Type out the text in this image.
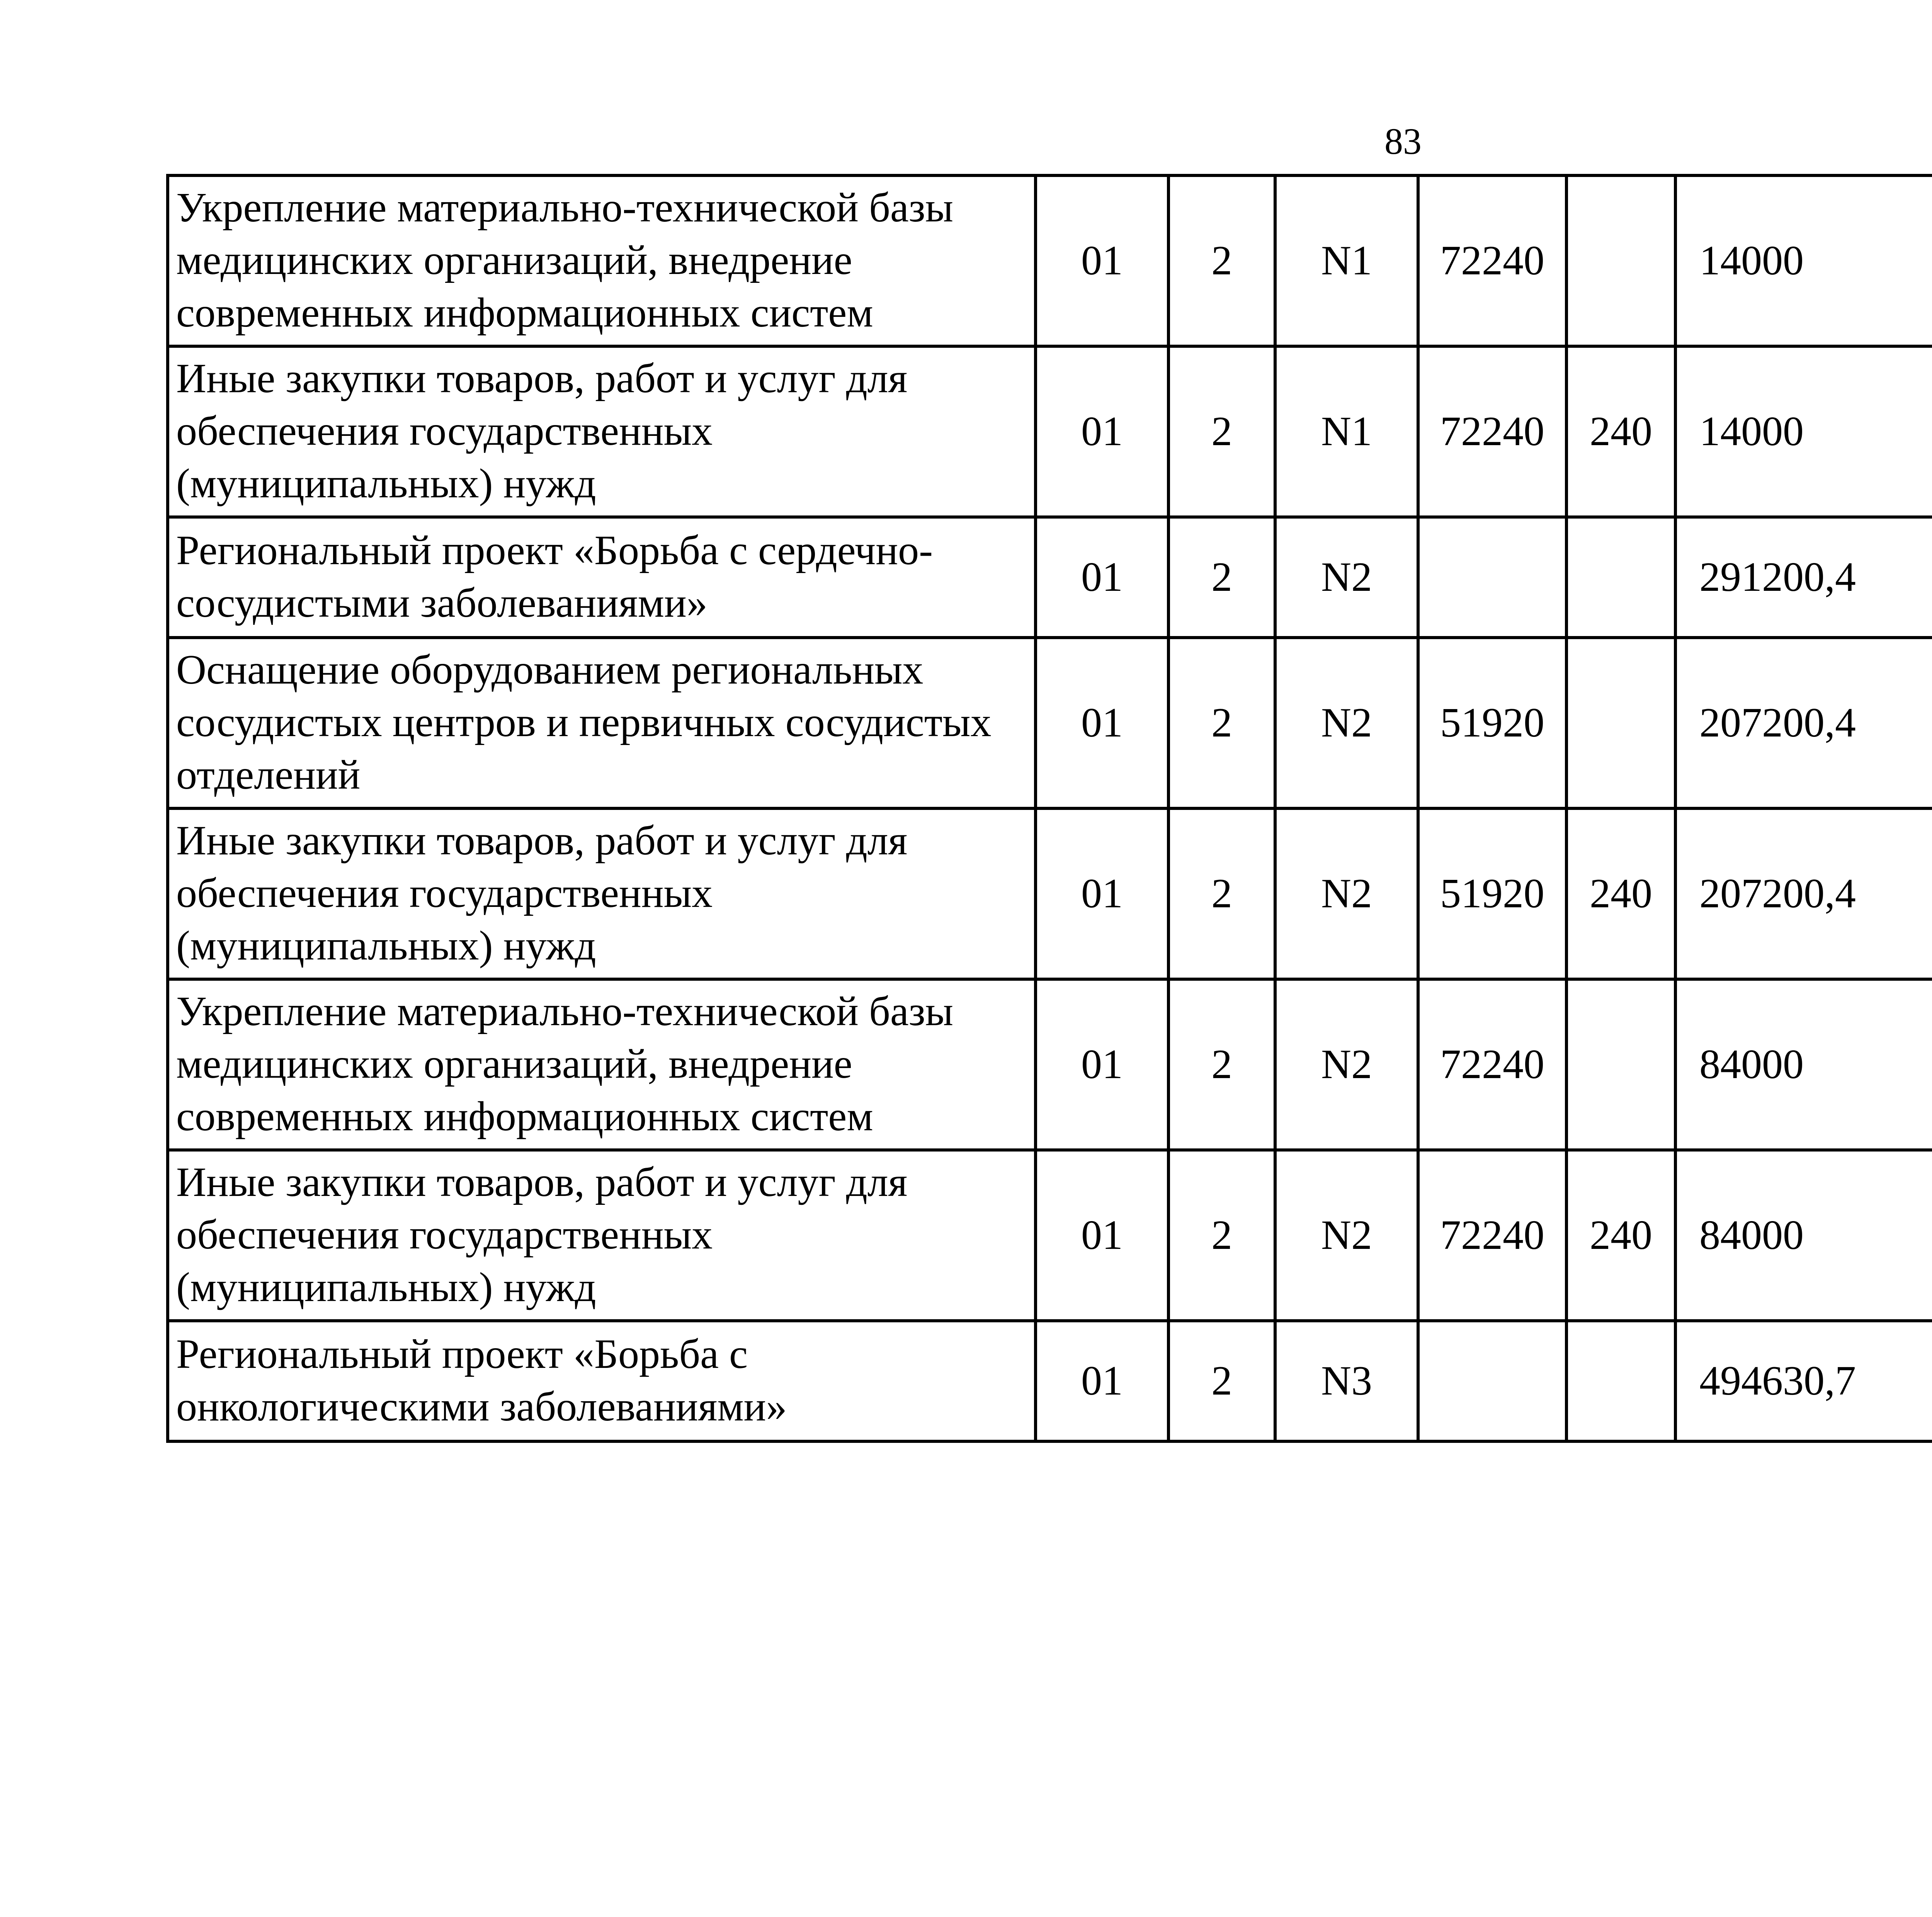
83
Укрепление материально-технической базы
медицинских организаций, внедрение
современных информационных систем	01	2	N1	72240		14000		

Иные закупки товаров, работ и услуг для
обеспечения государственных
(муниципальных) нужд	01	2	N1	72240	240	14000		

Региональный проект «Борьба с сердечно-
сосудистыми заболеваниями»	01	2	N2			291200,4		

Оснащение оборудованием региональных
сосудистых центров и первичных сосудистых
отделений	01	2	N2	51920		207200,4		

Иные закупки товаров, работ и услуг для
обеспечения государственных
(муниципальных) нужд	01	2	N2	51920	240	207200,4		

Укрепление материально-технической базы
медицинских организаций, внедрение
современных информационных систем	01	2	N2	72240		84000		

Иные закупки товаров, работ и услуг для
обеспечения государственных
(муниципальных) нужд	01	2	N2	72240	240	84000		

Региональный проект «Борьба с
онкологическими заболеваниями»	01	2	N3			494630,7		
